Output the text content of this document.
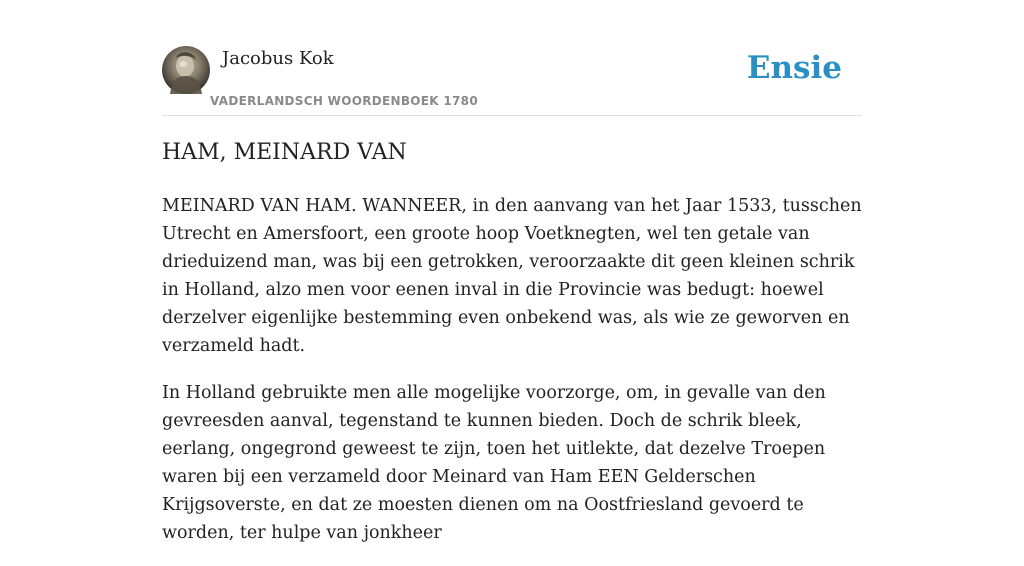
Jacobus Kok
VADERLANDSCH WOORDENBOEK 1780
Ensie
HAM, MEINARD VAN

MEINARD VAN HAM. WANNEER, in den aanvang van het Jaar 1533, tusschen Utrecht en Amersfoort, een groote hoop Voetknegten, wel ten getale van drieduizend man, was bij een getrokken, veroorzaakte dit geen kleinen schrik in Holland, alzo men voor eenen inval in die Provincie was bedugt: hoewel derzelver eigenlijke bestemming even onbekend was, als wie ze geworven en verzameld hadt.

In Holland gebruikte men alle mogelijke voorzorge, om, in gevalle van den gevreesden aanval, tegenstand te kunnen bieden. Doch de schrik bleek, eerlang, ongegrond geweest te zijn, toen het uitlekte, dat dezelve Troepen waren bij een verzameld door Meinard van Ham EEN Gelderschen Krijgsoverste, en dat ze moesten dienen om na Oostfriesland gevoerd te worden, ter hulpe van jonkheer
